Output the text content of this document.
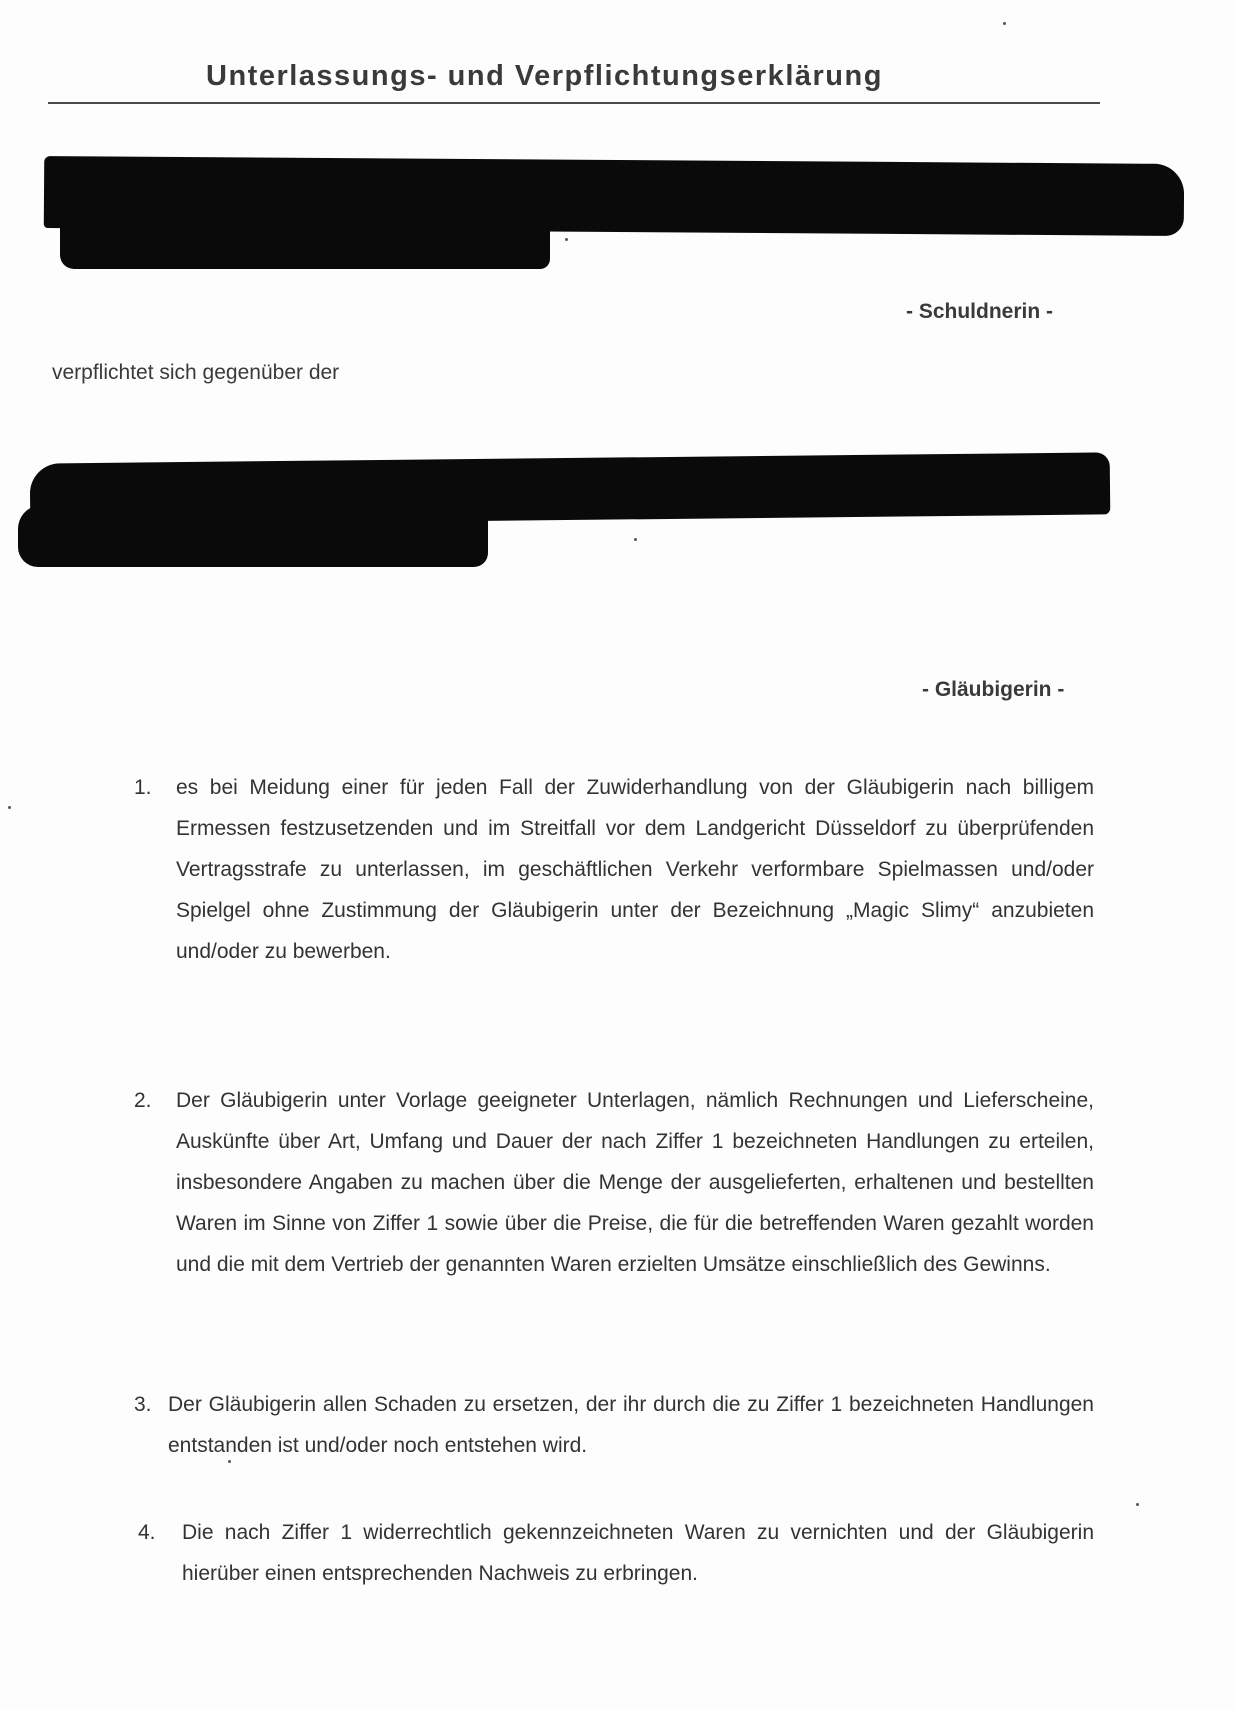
Unterlassungs- und Verpflichtungserklärung
- Schuldnerin -
verpflichtet sich gegenüber der
- Gläubigerin -
1. es bei Meidung einer für jeden Fall der Zuwiderhandlung von der Gläubigerin nach billigem Ermessen festzusetzenden und im Streitfall vor dem Landgericht Düsseldorf zu überprüfenden Vertragsstrafe zu unterlassen, im geschäftlichen Verkehr verformbare Spielmassen und/oder Spielgel ohne Zustimmung der Gläubigerin unter der Bezeichnung „Magic Slimy“ anzubieten und/oder zu bewerben.
2. Der Gläubigerin unter Vorlage geeigneter Unterlagen, nämlich Rechnungen und Lieferscheine, Auskünfte über Art, Umfang und Dauer der nach Ziffer 1 bezeichneten Handlungen zu erteilen, insbesondere Angaben zu machen über die Menge der ausgelieferten, erhaltenen und bestellten Waren im Sinne von Ziffer 1 sowie über die Preise, die für die betreffenden Waren gezahlt worden und die mit dem Vertrieb der genannten Waren erzielten Umsätze einschließlich des Gewinns.
3. Der Gläubigerin allen Schaden zu ersetzen, der ihr durch die zu Ziffer 1 bezeichneten Handlungen entstanden ist und/oder noch entstehen wird.
4. Die nach Ziffer 1 widerrechtlich gekennzeichneten Waren zu vernichten und der Gläubigerin hierüber einen entsprechenden Nachweis zu erbringen.
